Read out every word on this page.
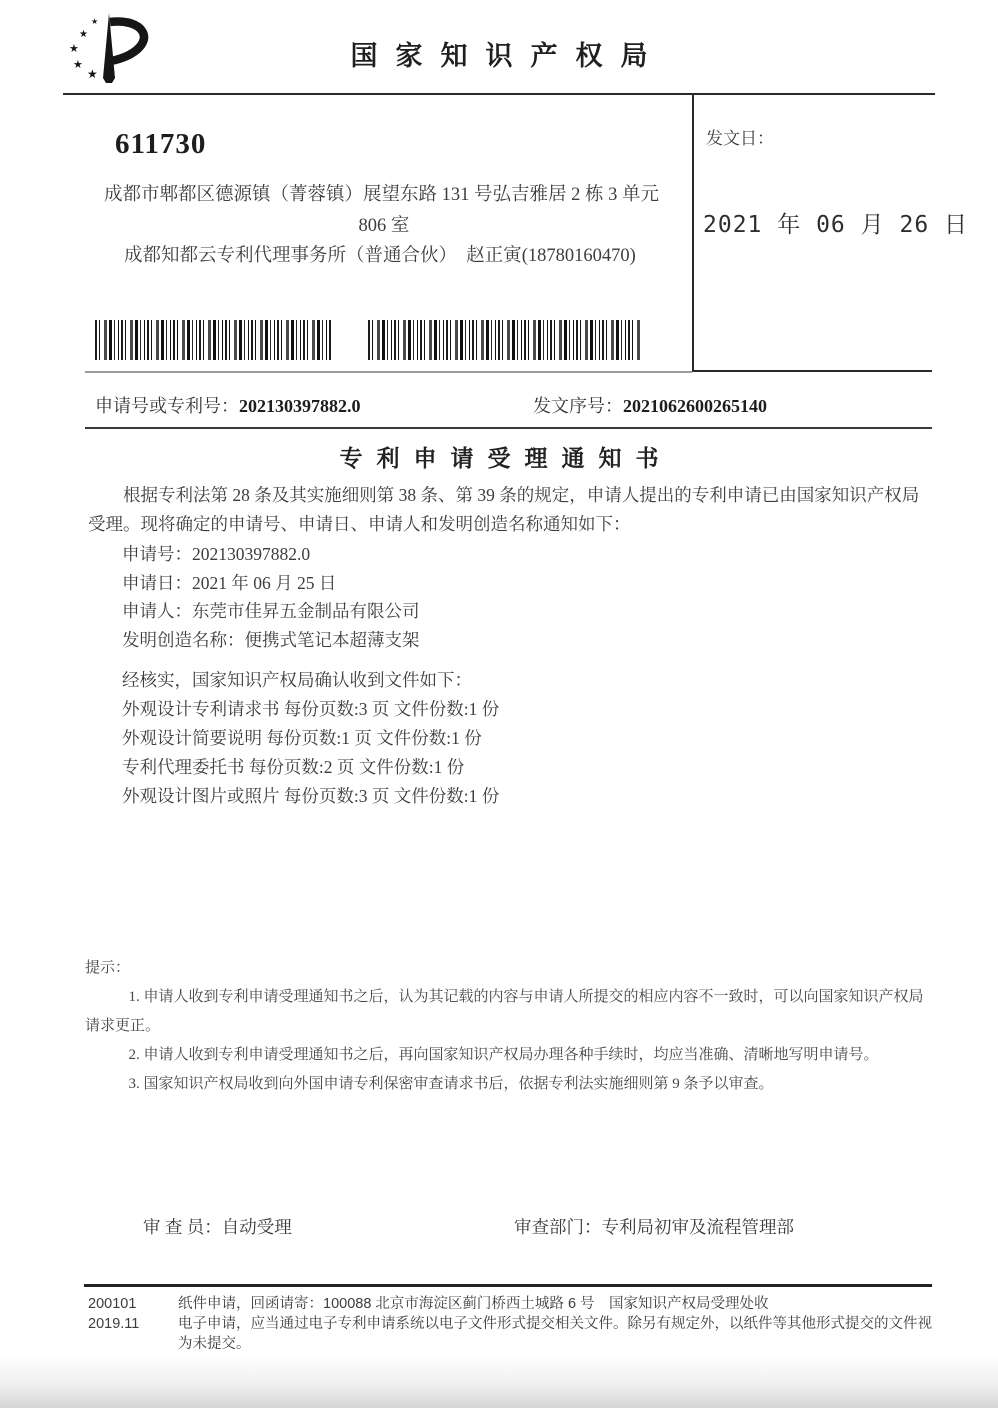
★
★
★
★
★
国家知识产权局
611730
成都市郫都区德源镇（菁蓉镇）展望东路 131 号弘吉雅居 2 栋 3 单元
806 室
成都知都云专利代理事务所（普通合伙）　赵正寅(18780160470)
发文日：
2021 年 06 月 26 日
申请号或专利号：202130397882.0	发文序号：2021062600265140
专利申请受理通知书
根据专利法第 28 条及其实施细则第 38 条、第 39 条的规定，申请人提出的专利申请已由国家知识产权局受理。现将确定的申请号、申请日、申请人和发明创造名称通知如下：
申请号：202130397882.0
申请日：2021 年 06 月 25 日
申请人：东莞市佳昇五金制品有限公司
发明创造名称：便携式笔记本超薄支架
经核实，国家知识产权局确认收到文件如下：
外观设计专利请求书 每份页数:3 页 文件份数:1 份
外观设计简要说明 每份页数:1 页 文件份数:1 份
专利代理委托书 每份页数:2 页 文件份数:1 份
外观设计图片或照片 每份页数:3 页 文件份数:1 份

提示：

1. 申请人收到专利申请受理通知书之后，认为其记载的内容与申请人所提交的相应内容不一致时，可以向国家知识产权局请求更正。

2. 申请人收到专利申请受理通知书之后，再向国家知识产权局办理各种手续时，均应当准确、清晰地写明申请号。

3. 国家知识产权局收到向外国申请专利保密审查请求书后，依据专利法实施细则第 9 条予以审查。

审 查 员：自动受理	审查部门：专利局初审及流程管理部
200101
2019.11
纸件申请，回函请寄：100088 北京市海淀区蓟门桥西土城路 6 号　国家知识产权局受理处收
电子申请，应当通过电子专利申请系统以电子文件形式提交相关文件。除另有规定外，以纸件等其他形式提交的文件视为未提交。
